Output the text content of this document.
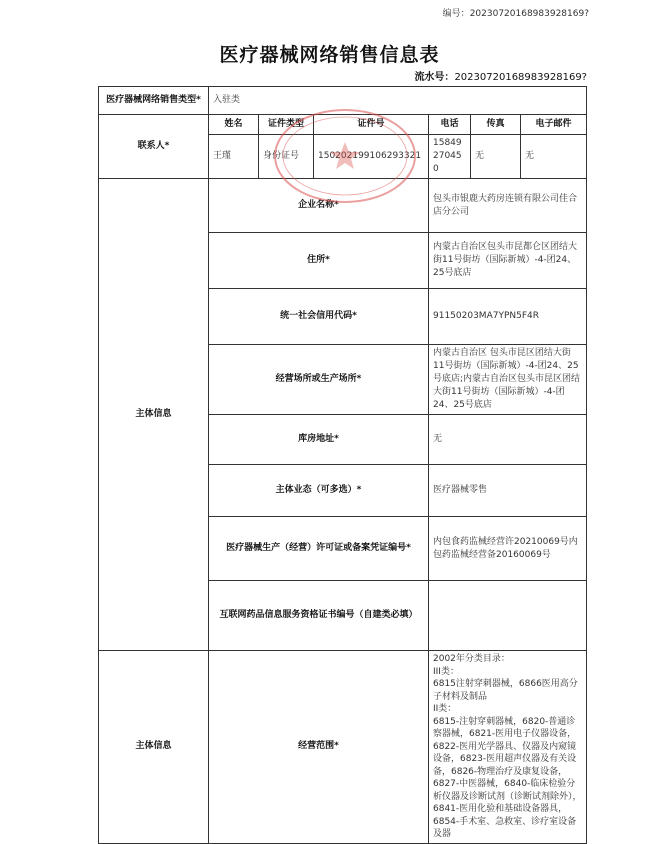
编号：20230720168983928169?
医疗器械网络销售信息表
流水号：20230720168983928169?
医疗器械网络销售类型*	入驻类					
联系人*	姓名	证件类型	证件号	电话	传真	电子邮件
	王瑾	身份证号	150202199106293321	15849270450	无	无
主体信息	企业名称*			包头市银鹿大药房连锁有限公司佳合店分公司		
	住所*			内蒙古自治区包头市昆都仑区团结大街11号街坊（国际新城）-4-团24、25号底店		
	统一社会信用代码*			91150203MA7YPN5F4R		
	经营场所或生产场所*			内蒙古自治区 包头市昆区团结大街11号街坊（国际新城）-4-团24、25号底店;内蒙古自治区包头市昆区团结大街11号街坊（国际新城）-4-团24、25号底店		
	库房地址*			无		
	主体业态（可多选）*			医疗器械零售		
	医疗器械生产（经营）许可证或备案凭证编号*			内包食药监械经营许20210069号内包药监械经营备20160069号		
	互联网药品信息服务资格证书编号（自建类必填）					
主体信息	经营范围*			2002年分类目录：
III类：
6815注射穿刺器械，6866医用高分子材料及制品
II类：
6815-注射穿刺器械，6820-普通诊察器械，6821-医用电子仪器设备，6822-医用光学器具、仪器及内窥镜设备，6823-医用超声仪器及有关设备，6826-物理治疗及康复设备，6827-中医器械，6840-临床检验分析仪器及诊断试剂（诊断试剂除外），6841-医用化验和基础设备器具，6854-手术室、急救室、诊疗室设备及器		
